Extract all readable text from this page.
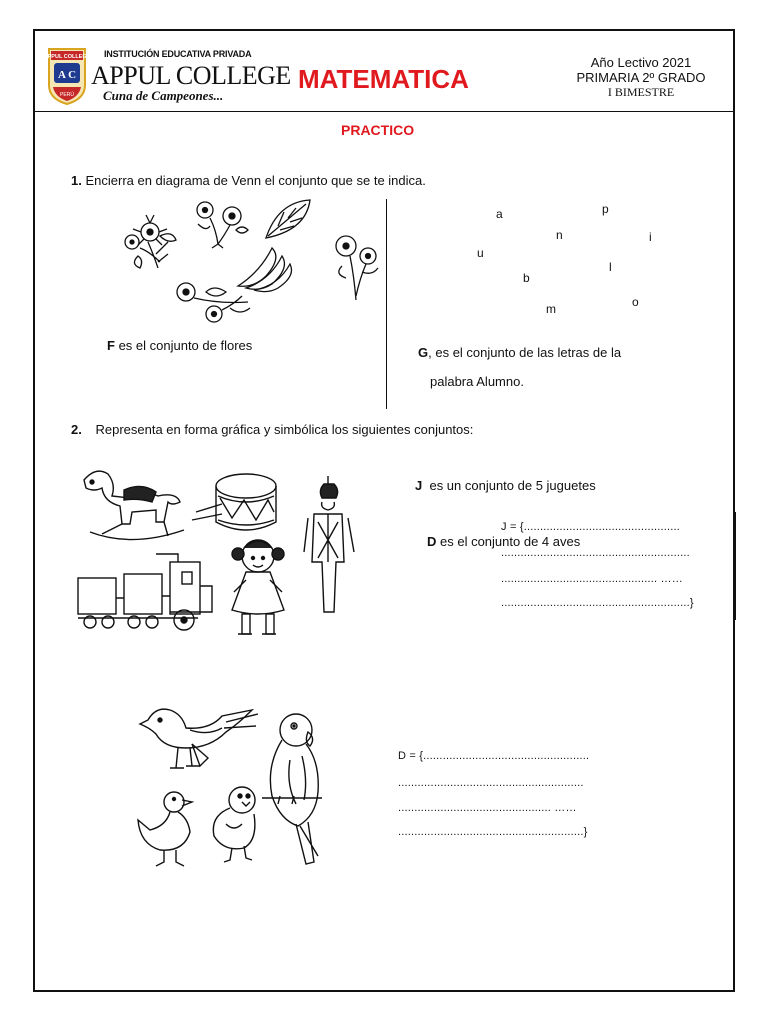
APPUL COLLEGE
A C
PERÚ
INSTITUCIÓN EDUCATIVA PRIVADA
APPUL COLLEGE
Cuna de Campeones...
MATEMATICA
Año Lectivo 2021
PRIMARIA 2º GRADO
I BIMESTRE
PRACTICO
1. Encierra en diagrama de Venn el conjunto que se te indica.
a	p
n	i
u
l
b
o
m
F es el conjunto de flores	G, es el conjunto de las letras de la
palabra Alumno.
2. Representa en forma gráfica y simbólica los siguientes conjuntos:
J  es un conjunto de 5 juguetes
J = {................................................
D es el conjunto de 4 aves
..........................................................
................................................ ……
..........................................................}
D = {...................................................
.........................................................
............................................... ……
.........................................................}
